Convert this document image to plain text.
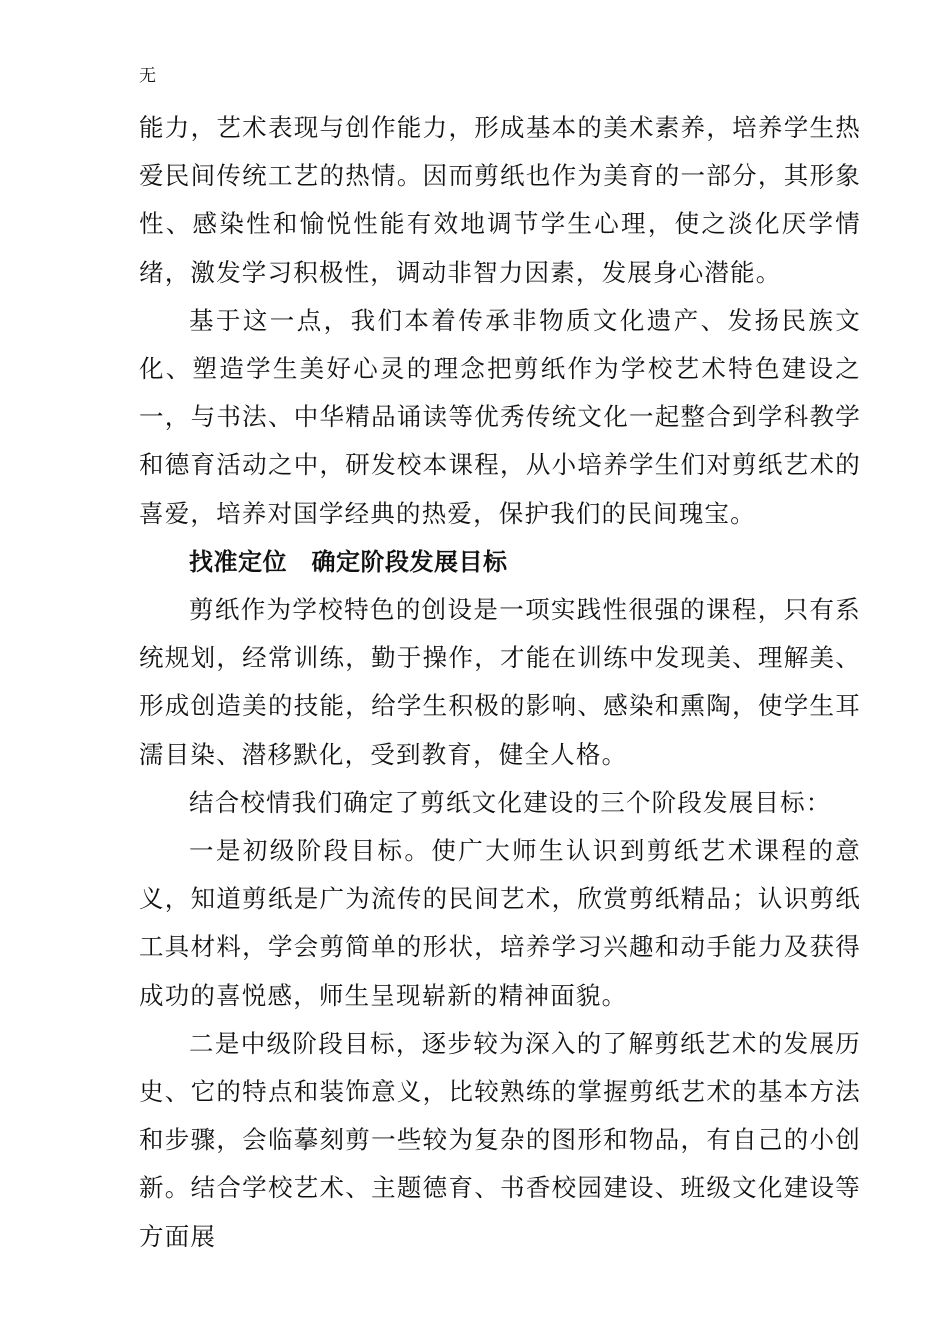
无

能力，艺术表现与创作能力，形成基本的美术素养，培养学生热爱民间传统工艺的热情。因而剪纸也作为美育的一部分，其形象性、感染性和愉悦性能有效地调节学生心理，使之淡化厌学情绪，激发学习积极性，调动非智力因素，发展身心潜能。

基于这一点，我们本着传承非物质文化遗产、发扬民族文化、塑造学生美好心灵的理念把剪纸作为学校艺术特色建设之一，与书法、中华精品诵读等优秀传统文化一起整合到学科教学和德育活动之中，研发校本课程，从小培养学生们对剪纸艺术的喜爱，培养对国学经典的热爱，保护我们的民间瑰宝。

找准定位　确定阶段发展目标

剪纸作为学校特色的创设是一项实践性很强的课程，只有系统规划，经常训练，勤于操作，才能在训练中发现美、理解美、形成创造美的技能，给学生积极的影响、感染和熏陶，使学生耳濡目染、潜移默化，受到教育，健全人格。

结合校情我们确定了剪纸文化建设的三个阶段发展目标：

一是初级阶段目标。使广大师生认识到剪纸艺术课程的意义，知道剪纸是广为流传的民间艺术，欣赏剪纸精品；认识剪纸工具材料，学会剪简单的形状，培养学习兴趣和动手能力及获得成功的喜悦感，师生呈现崭新的精神面貌。

二是中级阶段目标，逐步较为深入的了解剪纸艺术的发展历史、它的特点和装饰意义，比较熟练的掌握剪纸艺术的基本方法和步骤，会临摹刻剪一些较为复杂的图形和物品，有自己的小创新。结合学校艺术、主题德育、书香校园建设、班级文化建设等方面展
